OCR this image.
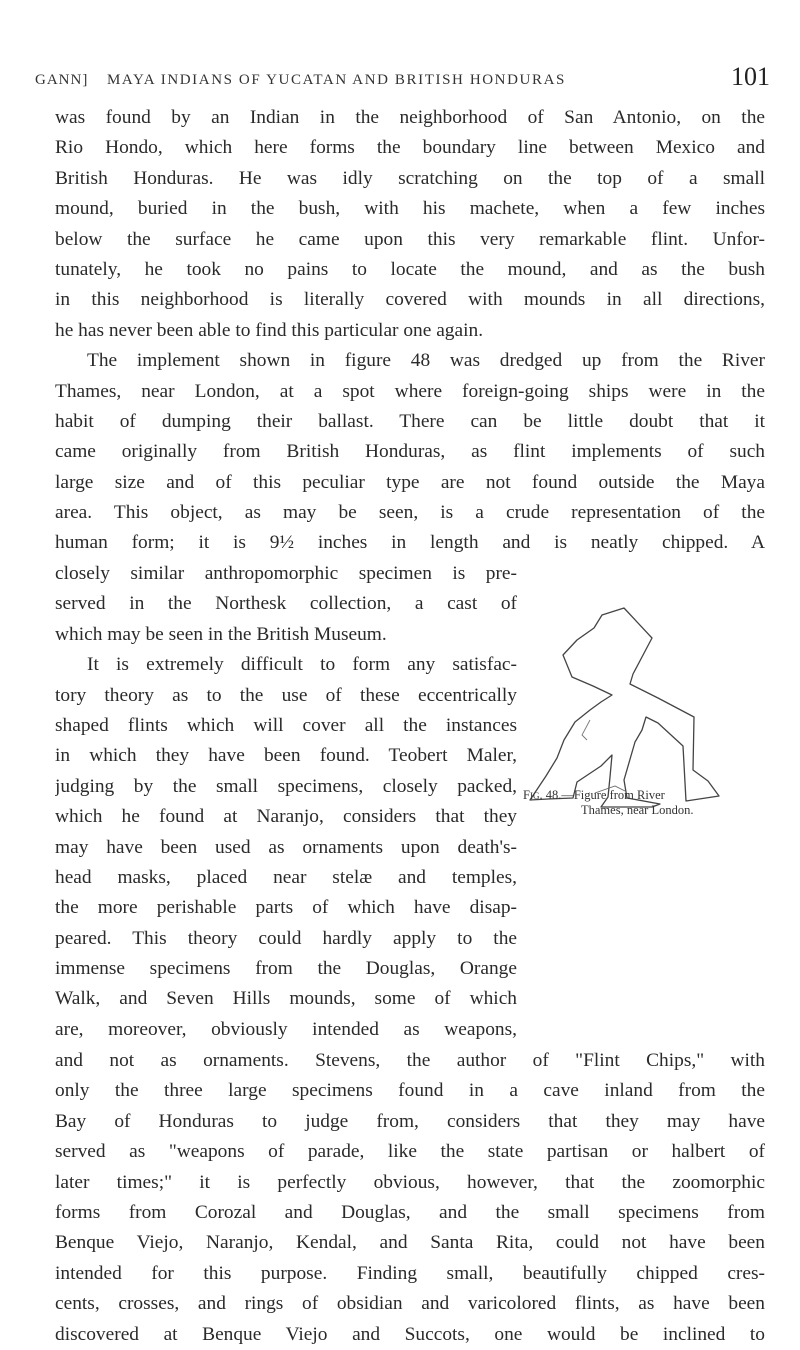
GANN] MAYA INDIANS OF YUCATAN AND BRITISH HONDURAS	101
was found by an Indian in the neighborhood of San Antonio, on the
Rio Hondo, which here forms the boundary line between Mexico and
British Honduras. He was idly scratching on the top of a small
mound, buried in the bush, with his machete, when a few inches
below the surface he came upon this very remarkable flint. Unfor-
tunately, he took no pains to locate the mound, and as the bush
in this neighborhood is literally covered with mounds in all directions,
he has never been able to find this particular one again.
The implement shown in figure 48 was dredged up from the River
Thames, near London, at a spot where foreign-going ships were in the
habit of dumping their ballast. There can be little doubt that it
came originally from British Honduras, as flint implements of such
large size and of this peculiar type are not found outside the Maya
area. This object, as may be seen, is a crude representation of the
human form; it is 9½ inches in length and is neatly chipped. A
closely similar anthropomorphic specimen is pre-
served in the Northesk collection, a cast of
which may be seen in the British Museum.
It is extremely difficult to form any satisfac-
tory theory as to the use of these eccentrically
shaped flints which will cover all the instances
in which they have been found. Teobert Maler,
judging by the small specimens, closely packed,
which he found at Naranjo, considers that they
may have been used as ornaments upon death's-
head masks, placed near stelæ and temples,
the more perishable parts of which have disap-
peared. This theory could hardly apply to the
immense specimens from the Douglas, Orange
Walk, and Seven Hills mounds, some of which
are, moreover, obviously intended as weapons,
Fig. 48.—Figure from River
Thames, near London.
and not as ornaments. Stevens, the author of "Flint Chips," with
only the three large specimens found in a cave inland from the
Bay of Honduras to judge from, considers that they may have
served as "weapons of parade, like the state partisan or halbert of
later times;" it is perfectly obvious, however, that the zoomorphic
forms from Corozal and Douglas, and the small specimens from
Benque Viejo, Naranjo, Kendal, and Santa Rita, could not have been
intended for this purpose. Finding small, beautifully chipped cres-
cents, crosses, and rings of obsidian and varicolored flints, as have been
discovered at Benque Viejo and Succots, one would be inclined to
